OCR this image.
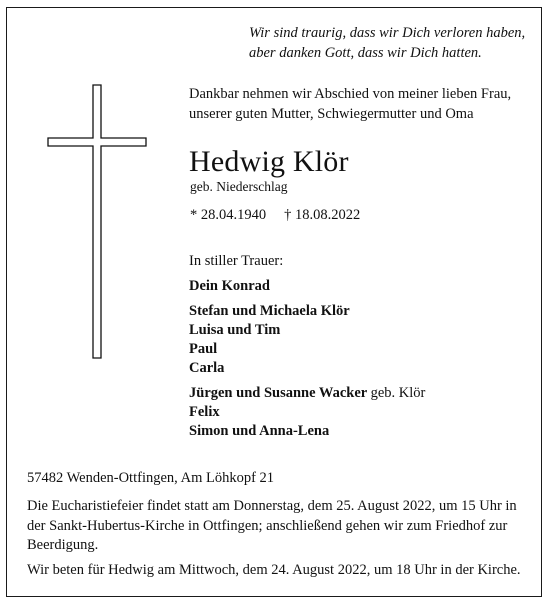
Wir sind traurig, dass wir Dich verloren haben,
aber danken Gott, dass wir Dich hatten.
Dankbar nehmen wir Abschied von meiner lieben Frau,
unserer guten Mutter, Schwiegermutter und Oma
Hedwig Klör
geb. Niederschlag
* 28.04.1940 † 18.08.2022
In stiller Trauer:
Dein Konrad
Stefan und Michaela Klör
Luisa und Tim
Paul
Carla
Jürgen und Susanne Wacker geb. Klör
Felix
Simon und Anna-Lena
57482 Wenden-Ottfingen, Am Löhkopf 21

Die Eucharistiefeier findet statt am Donnerstag, dem 25. August 2022, um 15 Uhr in der Sankt-Hubertus-Kirche in Ottfingen; anschließend gehen wir zum Friedhof zur Beerdigung.

Wir beten für Hedwig am Mittwoch, dem 24. August 2022, um 18 Uhr in der Kirche.
